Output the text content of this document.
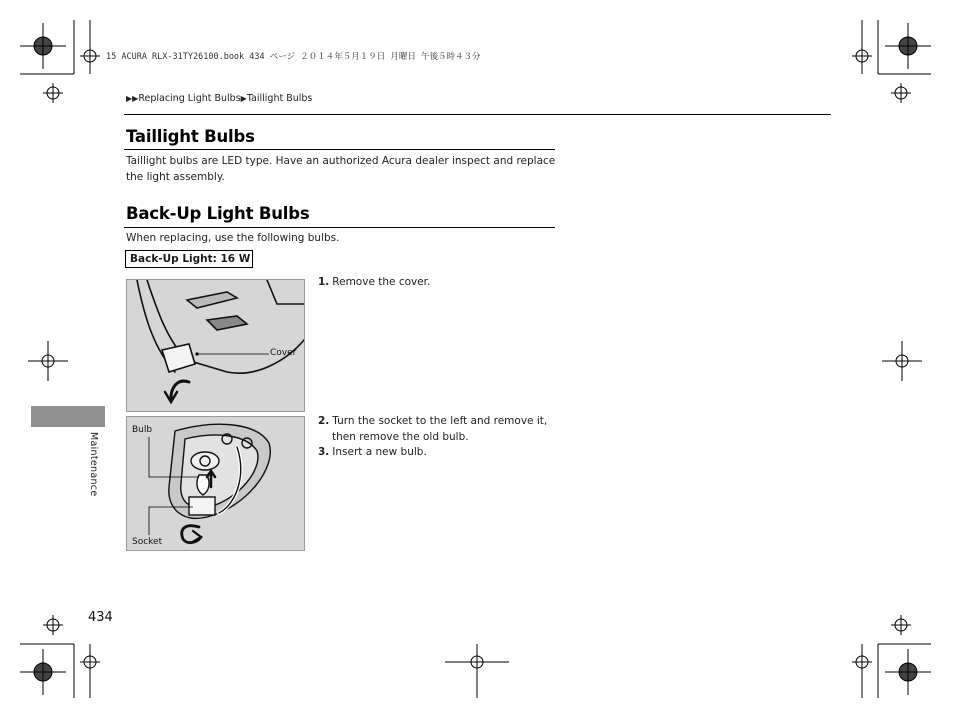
15 ACURA RLX-31TY26100.book 434 ページ ２０１４年５月１９日 月曜日 午後５時４３分
▶▶Replacing Light Bulbs▶Taillight Bulbs
Taillight Bulbs
Taillight bulbs are LED type. Have an authorized Acura dealer inspect and replace the light assembly.
Back-Up Light Bulbs
When replacing, use the following bulbs.
Back-Up Light: 16 W
Cover
Bulb
Socket
1. Remove the cover.
2. Turn the socket to the left and remove it, then remove the old bulb.
3. Insert a new bulb.
Maintenance
434
